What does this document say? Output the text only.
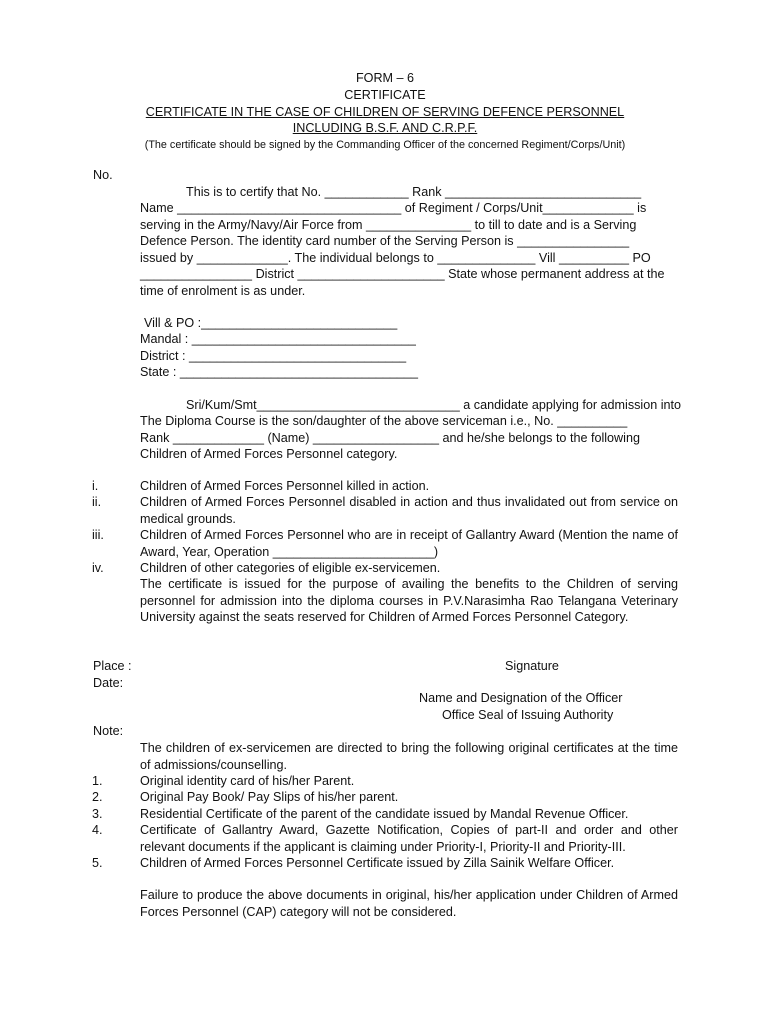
FORM – 6
CERTIFICATE
CERTIFICATE IN THE CASE OF CHILDREN OF SERVING DEFENCE PERSONNEL
INCLUDING B.S.F. AND C.R.P.F.
(The certificate should be signed by the Commanding Officer of the concerned Regiment/Corps/Unit)
No.
This is to certify that No. ____________ Rank ____________________________
Name ________________________________ of Regiment / Corps/Unit_____________ is
serving in the Army/Navy/Air Force from _______________ to till to date and is a Serving
Defence Person. The identity card number of the Serving Person is ________________
issued by _____________. The individual belongs to ______________ Vill __________ PO
________________ District _____________________ State whose permanent address at the
time of enrolment is as under.
Vill & PO :____________________________
Mandal : ________________________________
District : _______________________________
State : __________________________________
Sri/Kum/Smt_____________________________ a candidate applying for admission into
The Diploma Course is the son/daughter of the above serviceman i.e., No. __________
Rank _____________ (Name) __________________ and he/she belongs to the following
Children of Armed Forces Personnel category.
i.	Children of Armed Forces Personnel killed in action.
ii.	Children of Armed Forces Personnel disabled in action and thus invalidated out from service on medical grounds.
iii.	Children of Armed Forces Personnel who are in receipt of Gallantry Award (Mention the name of Award, Year, Operation _______________________)
iv.	Children of other categories of eligible ex-servicemen.
The certificate is issued for the purpose of availing the benefits to the Children of serving personnel for admission into the diploma courses in P.V.Narasimha Rao Telangana Veterinary University against the seats reserved for Children of Armed Forces Personnel Category.
Place :
Date:
Signature
Name and Designation of the Officer
Office Seal of Issuing Authority
Note:
The children of ex-servicemen are directed to bring the following original certificates at the time of admissions/counselling.
1.	Original identity card of his/her Parent.
2.	Original Pay Book/ Pay Slips of his/her parent.
3.	Residential Certificate of the parent of the candidate issued by Mandal Revenue Officer.
4.	Certificate of Gallantry Award, Gazette Notification, Copies of part-II and order and other relevant documents if the applicant is claiming under Priority-I, Priority-II and Priority-III.
5.	Children of Armed Forces Personnel Certificate issued by Zilla Sainik Welfare Officer.
Failure to produce the above documents in original, his/her application under Children of Armed Forces Personnel (CAP) category will not be considered.
